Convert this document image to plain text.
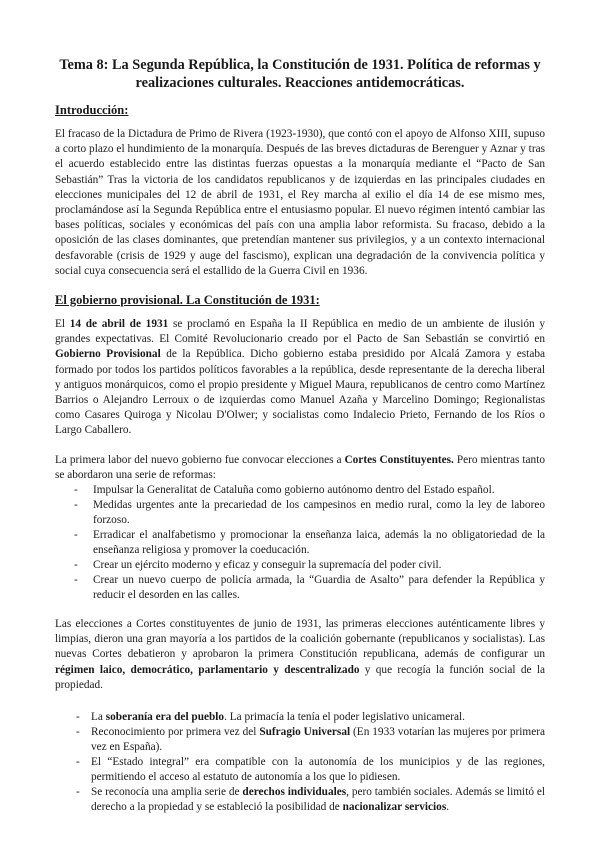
Tema 8: La Segunda República, la Constitución de 1931. Política de reformas y realizaciones culturales. Reacciones antidemocráticas.
Introducción:

El fracaso de la Dictadura de Primo de Rivera (1923-1930), que contó con el apoyo de Alfonso XIII, supuso a corto plazo el hundimiento de la monarquía. Después de las breves dictaduras de Berenguer y Aznar y tras el acuerdo establecido entre las distintas fuerzas opuestas a la monarquía mediante el “Pacto de San Sebastián” Tras la victoria de los candidatos republicanos y de izquierdas en las principales ciudades en elecciones municipales del 12 de abril de 1931, el Rey marcha al exilio el día 14 de ese mismo mes, proclamándose así la Segunda República entre el entusiasmo popular. El nuevo régimen intentó cambiar las bases políticas, sociales y económicas del país con una amplia labor reformista. Su fracaso, debido a la oposición de las clases dominantes, que pretendían mantener sus privilegios, y a un contexto internacional desfavorable (crisis de 1929 y auge del fascismo), explican una degradación de la convivencia política y social cuya consecuencia será el estallido de la Guerra Civil en 1936.

El gobierno provisional. La Constitución de 1931:

El 14 de abril de 1931 se proclamó en España la II República en medio de un ambiente de ilusión y grandes expectativas. El Comité Revolucionario creado por el Pacto de San Sebastián se convirtió en Gobierno Provisional de la República. Dicho gobierno estaba presidido por Alcalá Zamora y estaba formado por todos los partidos políticos favorables a la república, desde representante de la derecha liberal y antiguos monárquicos, como el propio presidente y Miguel Maura, republicanos de centro como Martínez Barrios o Alejandro Lerroux o de izquierdas como Manuel Azaña y Marcelino Domingo; Regionalistas como Casares Quiroga y Nicolau D'Olwer; y socialistas como Indalecio Prieto, Fernando de los Ríos o Largo Caballero.

La primera labor del nuevo gobierno fue convocar elecciones a Cortes Constituyentes. Pero mientras tanto se abordaron una serie de reformas:

- Impulsar la Generalitat de Cataluña como gobierno autónomo dentro del Estado español.
- Medidas urgentes ante la precariedad de los campesinos en medio rural, como la ley de laboreo forzoso.
- Erradicar el analfabetismo y promocionar la enseñanza laica, además la no obligatoriedad de la enseñanza religiosa y promover la coeducación.
- Crear un ejército moderno y eficaz y conseguir la supremacía del poder civil.
- Crear un nuevo cuerpo de policía armada, la “Guardia de Asalto” para defender la República y reducir el desorden en las calles.

Las elecciones a Cortes constituyentes de junio de 1931, las primeras elecciones auténticamente libres y limpias, dieron una gran mayoría a los partidos de la coalición gobernante (republicanos y socialistas). Las nuevas Cortes debatieron y aprobaron la primera Constitución republicana, además de configurar un régimen laico, democrático, parlamentario y descentralizado y que recogía la función social de la propiedad.

- La soberanía era del pueblo. La primacía la tenía el poder legislativo unicameral.
- Reconocimiento por primera vez del Sufragio Universal (En 1933 votarían las mujeres por primera vez en España).
- El “Estado integral” era compatible con la autonomía de los municipios y de las regiones, permitiendo el acceso al estatuto de autonomía a los que lo pidiesen.
- Se reconocía una amplia serie de derechos individuales, pero también sociales. Además se limitó el derecho a la propiedad y se estableció la posibilidad de nacionalizar servicios.
